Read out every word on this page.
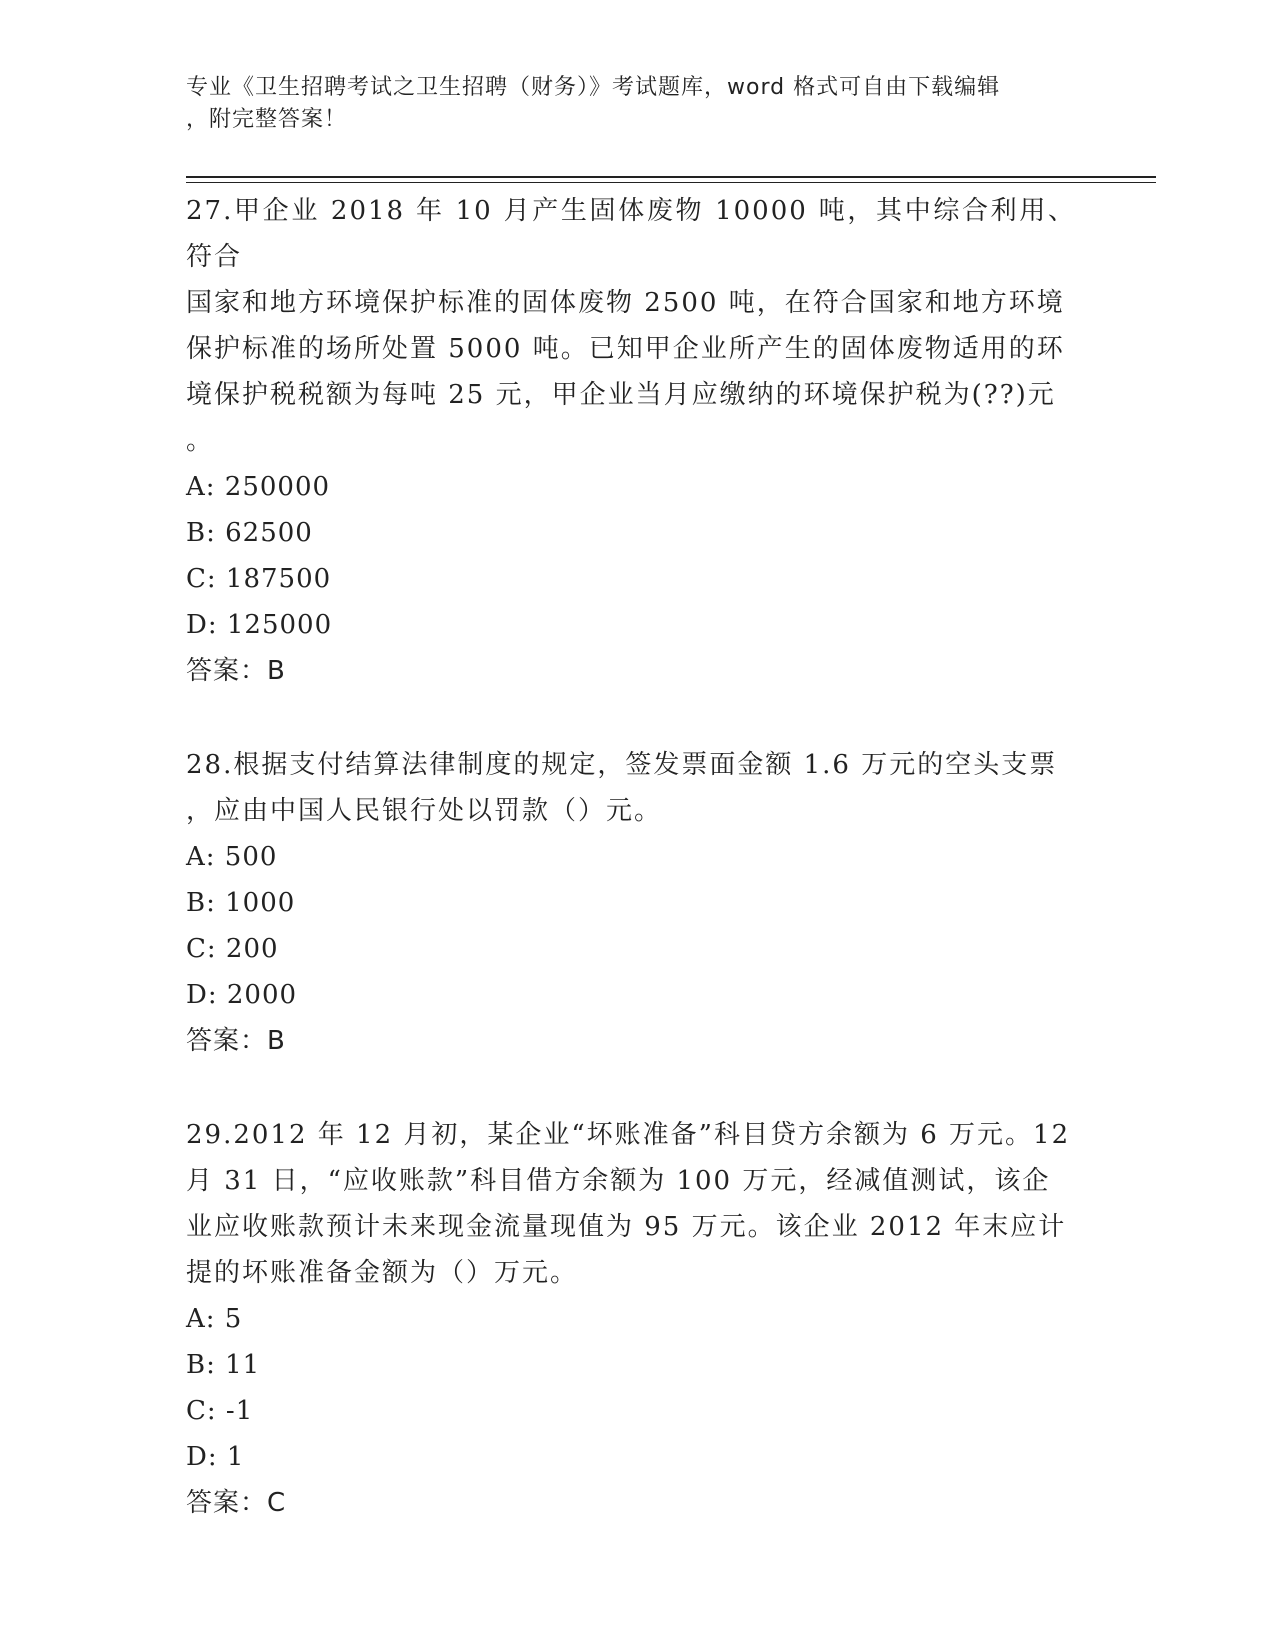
专业《卫生招聘考试之卫生招聘（财务）》考试题库，word 格式可自由下载编辑
，附完整答案！

27.甲企业 2018 年 10 月产生固体废物 10000 吨，其中综合利用、符合

国家和地方环境保护标准的固体废物 2500 吨，在符合国家和地方环境

保护标准的场所处置 5000 吨。已知甲企业所产生的固体废物适用的环

境保护税税额为每吨 25 元，甲企业当月应缴纳的环境保护税为(??)元

。

A: 250000

B: 62500

C: 187500

D: 125000

答案：B

28.根据支付结算法律制度的规定，签发票面金额 1.6 万元的空头支票

，应由中国人民银行处以罚款（）元。

A: 500

B: 1000

C: 200

D: 2000

答案：B

29.2012 年 12 月初，某企业“坏账准备”科目贷方余额为 6 万元。12

月 31 日，“应收账款”科目借方余额为 100 万元，经减值测试，该企

业应收账款预计未来现金流量现值为 95 万元。该企业 2012 年末应计

提的坏账准备金额为（）万元。

A: 5

B: 11

C: -1

D: 1

答案：C
